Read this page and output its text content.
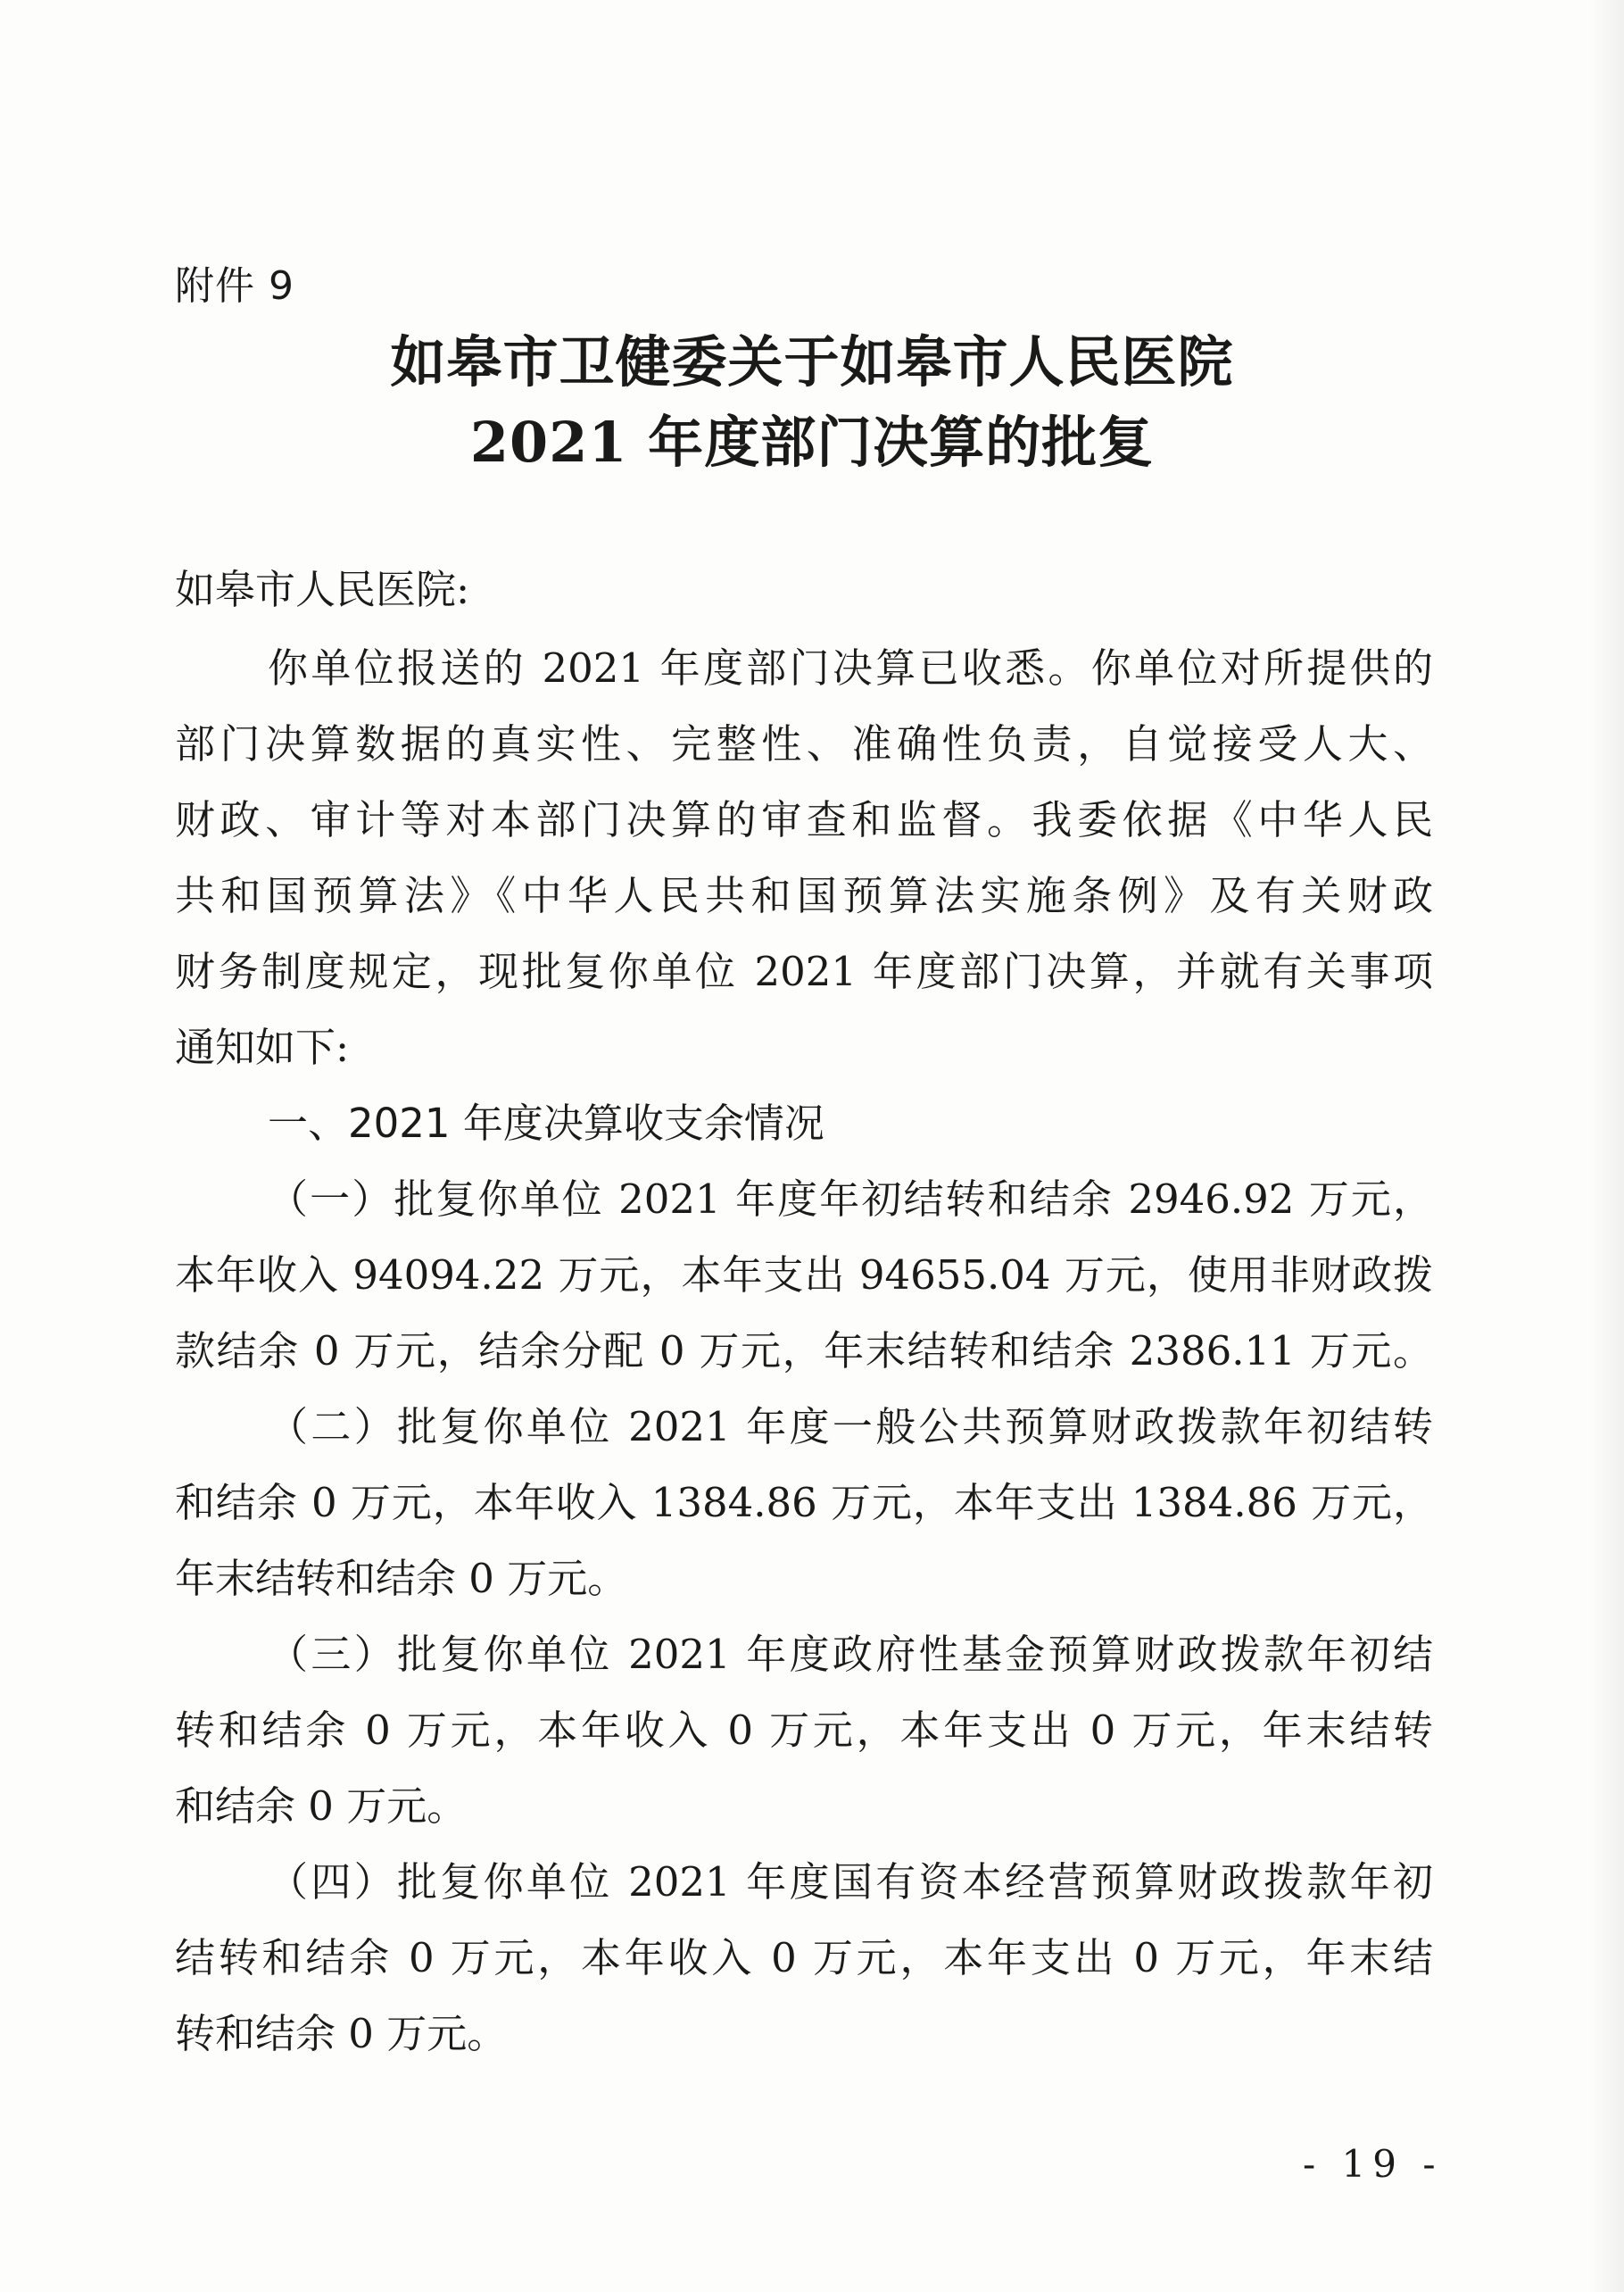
附件 9
如皋市卫健委关于如皋市人民医院
2021 年度部门决算的批复
如皋市人民医院:
你单位报送的 2021 年度部门决算已收悉。你单位对所提供的
部门决算数据的真实性、完整性、准确性负责，自觉接受人大、
财政、审计等对本部门决算的审查和监督。我委依据《中华人民
共和国预算法》《中华人民共和国预算法实施条例》及有关财政
财务制度规定，现批复你单位 2021 年度部门决算，并就有关事项
通知如下:
一、2021 年度决算收支余情况
（一）批复你单位 2021 年度年初结转和结余 2946.92 万元，
本年收入 94094.22 万元，本年支出 94655.04 万元，使用非财政拨
款结余 0 万元，结余分配 0 万元，年末结转和结余 2386.11 万元。
（二）批复你单位 2021 年度一般公共预算财政拨款年初结转
和结余 0 万元，本年收入 1384.86 万元，本年支出 1384.86 万元，
年末结转和结余 0 万元。
（三）批复你单位 2021 年度政府性基金预算财政拨款年初结
转和结余 0 万元，本年收入 0 万元，本年支出 0 万元，年末结转
和结余 0 万元。
（四）批复你单位 2021 年度国有资本经营预算财政拨款年初
结转和结余 0 万元，本年收入 0 万元，本年支出 0 万元，年末结
转和结余 0 万元。
- 19 -
